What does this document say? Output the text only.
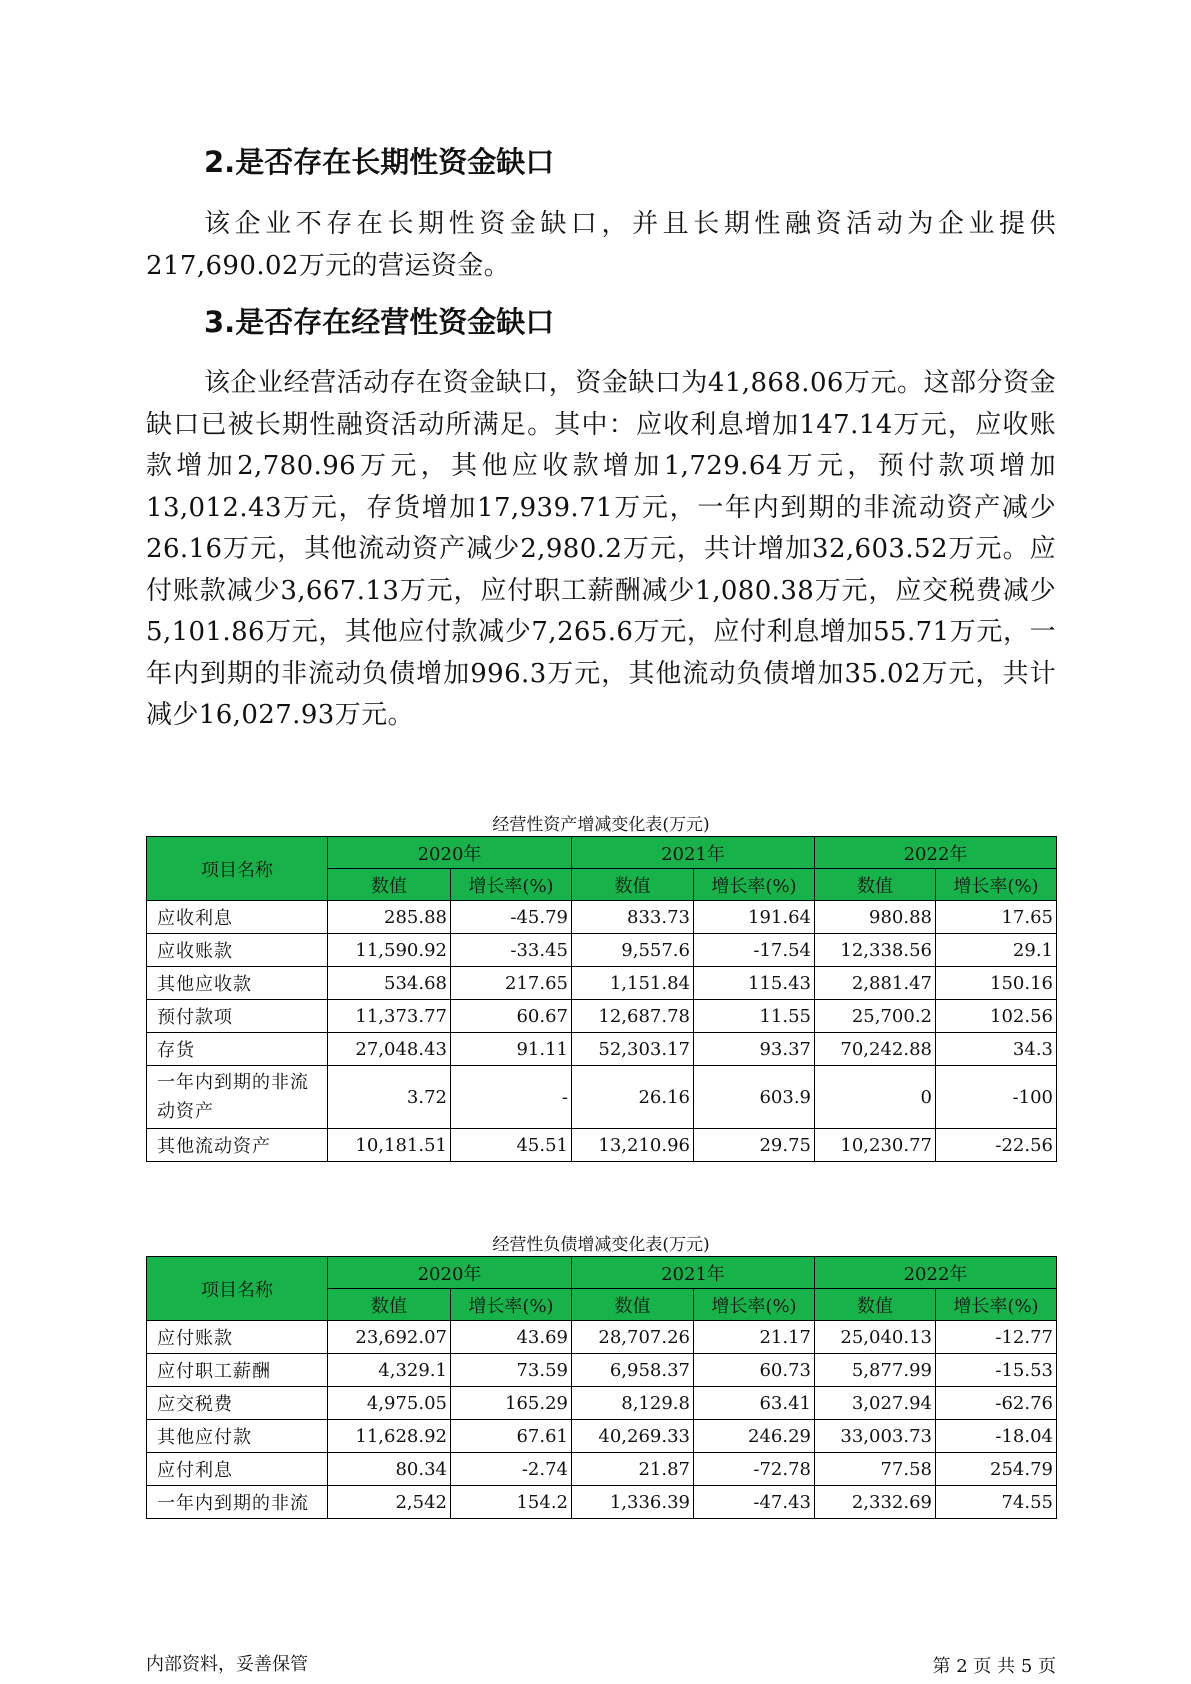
2.是否存在长期性资金缺口

该企业不存在长期性资金缺口，并且长期性融资活动为企业提供217,690.02万元的营运资金。

3.是否存在经营性资金缺口

该企业经营活动存在资金缺口，资金缺口为41,868.06万元。这部分资金缺口已被长期性融资活动所满足。其中：应收利息增加147.14万元，应收账款增加2,780.96万元，其他应收款增加1,729.64万元，预付款项增加13,012.43万元，存货增加17,939.71万元，一年内到期的非流动资产减少26.16万元，其他流动资产减少2,980.2万元，共计增加32,603.52万元。应付账款减少3,667.13万元，应付职工薪酬减少1,080.38万元，应交税费减少5,101.86万元，其他应付款减少7,265.6万元，应付利息增加55.71万元，一年内到期的非流动负债增加996.3万元，其他流动负债增加35.02万元，共计减少16,027.93万元。

经营性资产增减变化表(万元)
项目名称	2020年		2021年		2022年	
	数值	增长率(%)	数值	增长率(%)	数值	增长率(%)
应收利息	285.88	-45.79	833.73	191.64	980.88	17.65
应收账款	11,590.92	-33.45	9,557.6	-17.54	12,338.56	29.1
其他应收款	534.68	217.65	1,151.84	115.43	2,881.47	150.16
预付款项	11,373.77	60.67	12,687.78	11.55	25,700.2	102.56
存货	27,048.43	91.11	52,303.17	93.37	70,242.88	34.3
一年内到期的非流动资产	3.72	-	26.16	603.9	0	-100
其他流动资产	10,181.51	45.51	13,210.96	29.75	10,230.77	-22.56
经营性负债增减变化表(万元)
项目名称	2020年		2021年		2022年	
	数值	增长率(%)	数值	增长率(%)	数值	增长率(%)
应付账款	23,692.07	43.69	28,707.26	21.17	25,040.13	-12.77
应付职工薪酬	4,329.1	73.59	6,958.37	60.73	5,877.99	-15.53
应交税费	4,975.05	165.29	8,129.8	63.41	3,027.94	-62.76
其他应付款	11,628.92	67.61	40,269.33	246.29	33,003.73	-18.04
应付利息	80.34	-2.74	21.87	-72.78	77.58	254.79
一年内到期的非流	2,542	154.2	1,336.39	-47.43	2,332.69	74.55
内部资料，妥善保管	第 2 页 共 5 页
